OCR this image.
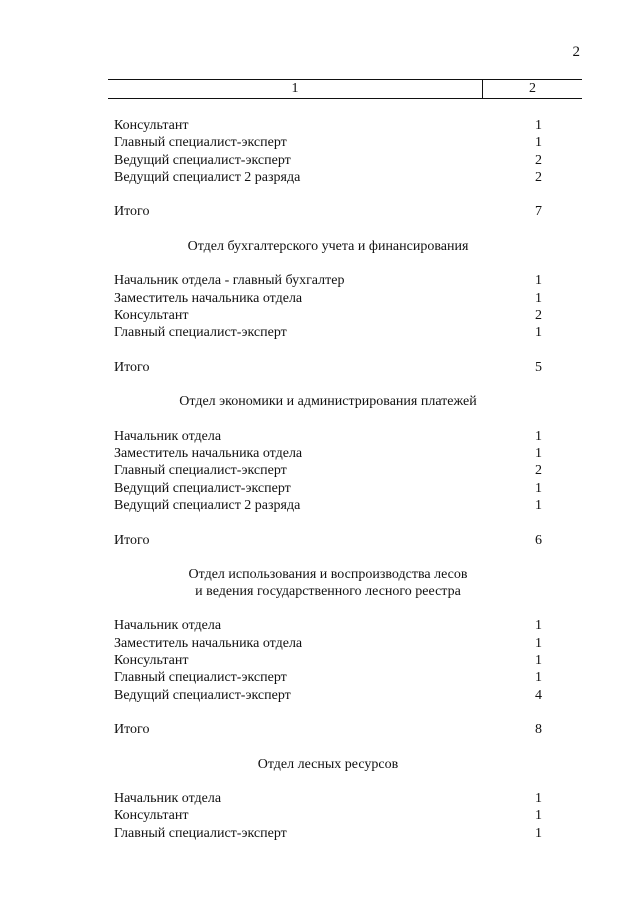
2
1	2
Консультант	1
Главный специалист-эксперт	1
Ведущий специалист-эксперт	2
Ведущий специалист 2 разряда	2
Итого	7

Отдел бухгалтерского учета и финансирования

Начальник отдела - главный бухгалтер	1
Заместитель начальника отдела	1
Консультант	2
Главный специалист-эксперт	1
Итого	5

Отдел экономики и администрирования платежей

Начальник отдела	1
Заместитель начальника отдела	1
Главный специалист-эксперт	2
Ведущий специалист-эксперт	1
Ведущий специалист 2 разряда	1
Итого	6

Отдел использования и воспроизводства лесов

и ведения государственного лесного реестра

Начальник отдела	1
Заместитель начальника отдела	1
Консультант	1
Главный специалист-эксперт	1
Ведущий специалист-эксперт	4
Итого	8

Отдел лесных ресурсов

Начальник отдела	1
Консультант	1
Главный специалист-эксперт	1
